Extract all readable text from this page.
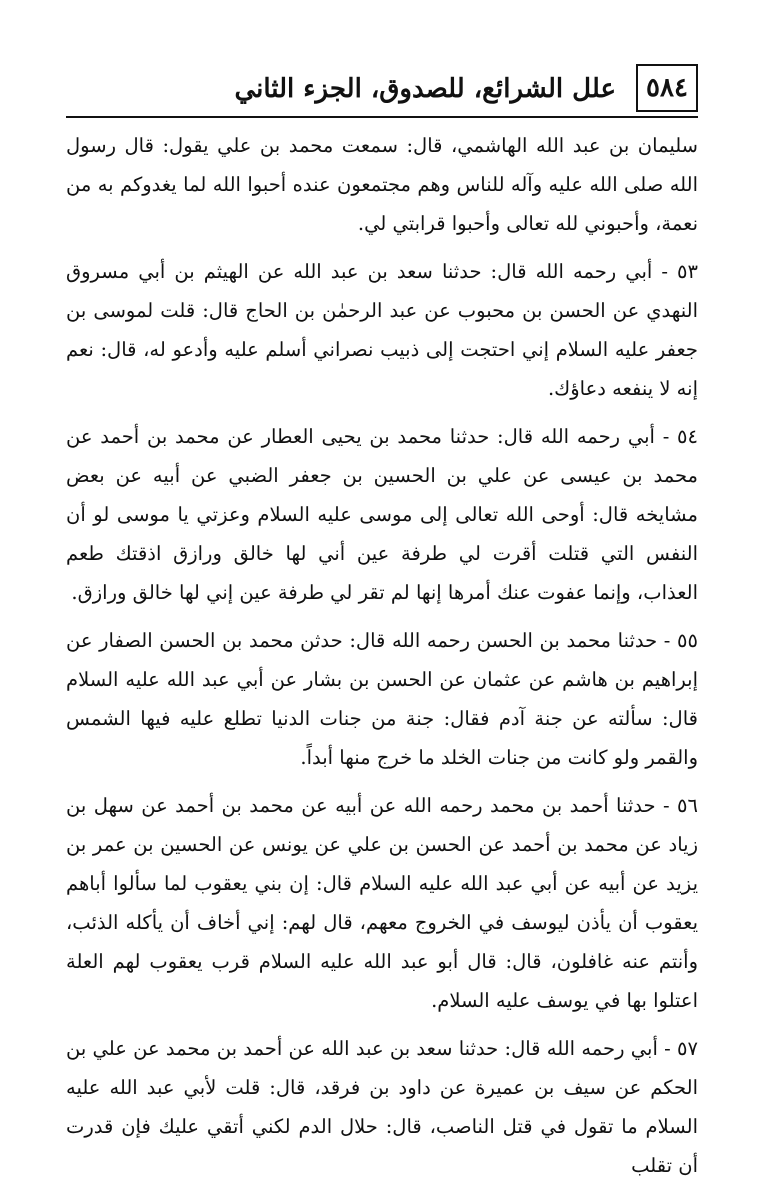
٥٨٤
علل الشرائع، للصدوق، الجزء الثاني

سليمان بن عبد الله الهاشمي، قال: سمعت محمد بن علي يقول: قال رسول الله صلى الله عليه وآله للناس وهم مجتمعون عنده أحبوا الله لما يغدوكم به من نعمة، وأحبوني لله تعالى وأحبوا قرابتي لي.

٥٣ - أبي رحمه الله قال: حدثنا سعد بن عبد الله عن الهيثم بن أبي مسروق النهدي عن الحسن بن محبوب عن عبد الرحمٰن بن الحاج قال: قلت لموسى بن جعفر عليه السلام إني احتجت إلى ذبيب نصراني أسلم عليه وأدعو له، قال: نعم إنه لا ينفعه دعاؤك.

٥٤ - أبي رحمه الله قال: حدثنا محمد بن يحيى العطار عن محمد بن أحمد عن محمد بن عيسى عن علي بن الحسين بن جعفر الضبي عن أبيه عن بعض مشايخه قال: أوحى الله تعالى إلى موسى عليه السلام وعزتي يا موسى لو أن النفس التي قتلت أقرت لي طرفة عين أني لها خالق ورازق اذقتك طعم العذاب، وإنما عفوت عنك أمرها إنها لم تقر لي طرفة عين إني لها خالق ورازق.

٥٥ - حدثنا محمد بن الحسن رحمه الله قال: حدثن محمد بن الحسن الصفار عن إبراهيم بن هاشم عن عثمان عن الحسن بن بشار عن أبي عبد الله عليه السلام قال: سألته عن جنة آدم فقال: جنة من جنات الدنيا تطلع عليه فيها الشمس والقمر ولو كانت من جنات الخلد ما خرج منها أبداً.

٥٦ - حدثنا أحمد بن محمد رحمه الله عن أبيه عن محمد بن أحمد عن سهل بن زياد عن محمد بن أحمد عن الحسن بن علي عن يونس عن الحسين بن عمر بن يزيد عن أبيه عن أبي عبد الله عليه السلام قال: إن بني يعقوب لما سألوا أباهم يعقوب أن يأذن ليوسف في الخروج معهم، قال لهم: إني أخاف أن يأكله الذئب، وأنتم عنه غافلون، قال: قال أبو عبد الله عليه السلام قرب يعقوب لهم العلة اعتلوا بها في يوسف عليه السلام.

٥٧ - أبي رحمه الله قال: حدثنا سعد بن عبد الله عن أحمد بن محمد عن علي بن الحكم عن سيف بن عميرة عن داود بن فرقد، قال: قلت لأبي عبد الله عليه السلام ما تقول في قتل الناصب، قال: حلال الدم لكني أتقي عليك فإن قدرت أن تقلب
